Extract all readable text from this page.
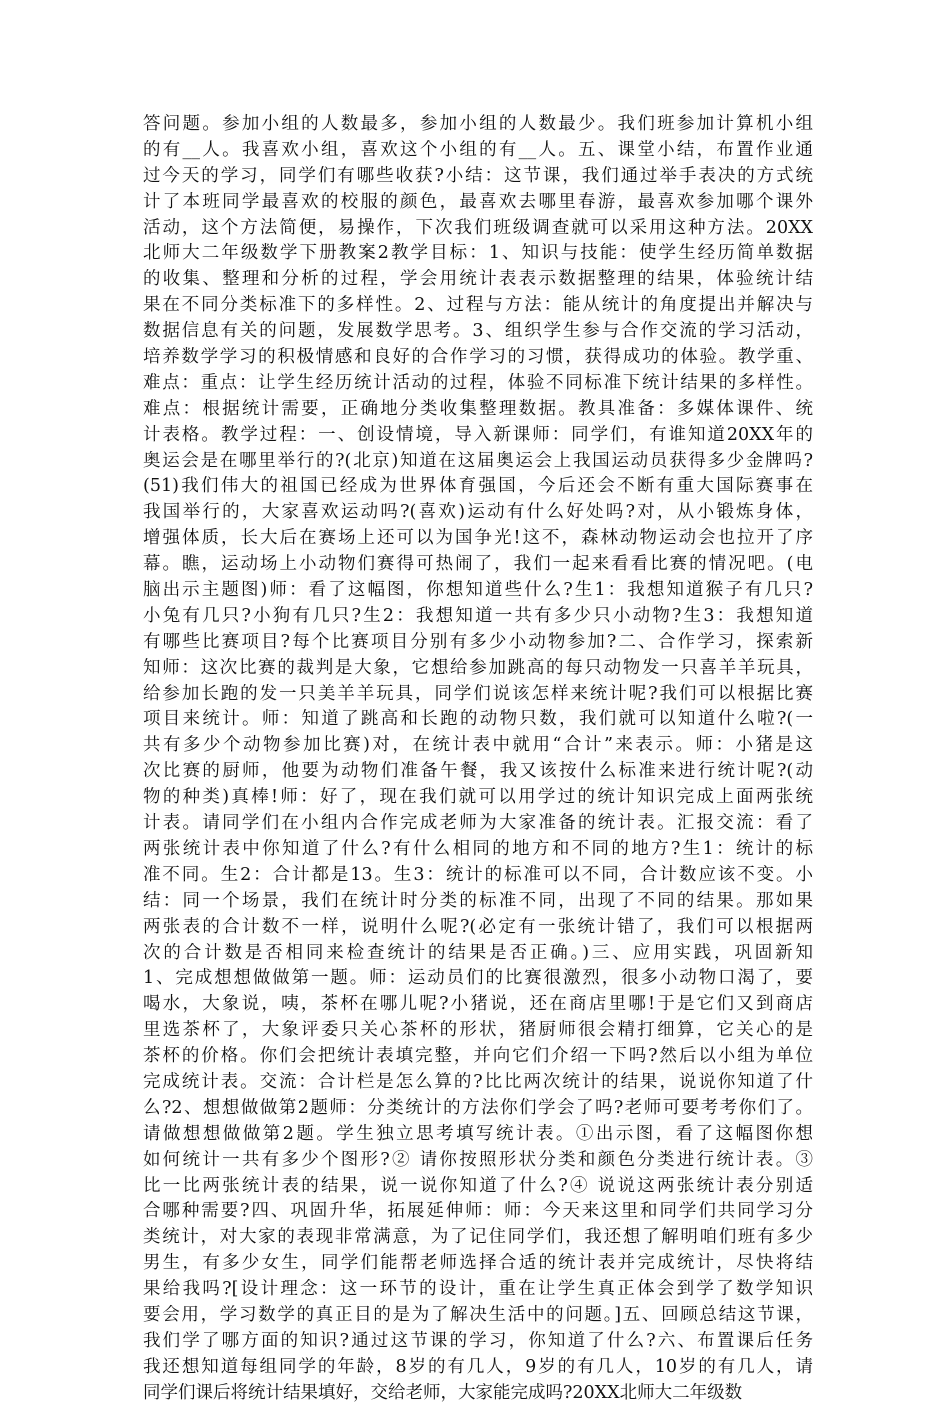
答问题。参加小组的人数最多，参加小组的人数最少。我们班参加计算机小组
的有__人。我喜欢小组，喜欢这个小组的有__人。五、课堂小结，布置作业通
过今天的学习，同学们有哪些收获?小结：这节课，我们通过举手表决的方式统
计了本班同学最喜欢的校服的颜色，最喜欢去哪里春游，最喜欢参加哪个课外
活动，这个方法简便，易操作，下次我们班级调查就可以采用这种方法。20XX
北师大二年级数学下册教案2教学目标：1、知识与技能：使学生经历简单数据
的收集、整理和分析的过程，学会用统计表表示数据整理的结果，体验统计结
果在不同分类标准下的多样性。2、过程与方法：能从统计的角度提出并解决与
数据信息有关的问题，发展数学思考。3、组织学生参与合作交流的学习活动，
培养数学学习的积极情感和良好的合作学习的习惯，获得成功的体验。教学重、
难点：重点：让学生经历统计活动的过程，体验不同标准下统计结果的多样性。
难点：根据统计需要，正确地分类收集整理数据。教具准备：多媒体课件、统
计表格。教学过程：一、创设情境，导入新课师：同学们，有谁知道20XX年的
奥运会是在哪里举行的?(北京)知道在这届奥运会上我国运动员获得多少金牌吗?
(51)我们伟大的祖国已经成为世界体育强国，今后还会不断有重大国际赛事在
我国举行的，大家喜欢运动吗?(喜欢)运动有什么好处吗?对，从小锻炼身体，
增强体质，长大后在赛场上还可以为国争光!这不，森林动物运动会也拉开了序
幕。瞧，运动场上小动物们赛得可热闹了，我们一起来看看比赛的情况吧。(电
脑出示主题图)师：看了这幅图，你想知道些什么?生1：我想知道猴子有几只?
小兔有几只?小狗有几只?生2：我想知道一共有多少只小动物?生3：我想知道
有哪些比赛项目?每个比赛项目分别有多少小动物参加?二、合作学习，探索新
知师：这次比赛的裁判是大象，它想给参加跳高的每只动物发一只喜羊羊玩具，
给参加长跑的发一只美羊羊玩具，同学们说该怎样来统计呢?我们可以根据比赛
项目来统计。师：知道了跳高和长跑的动物只数，我们就可以知道什么啦?(一
共有多少个动物参加比赛)对，在统计表中就用“合计”来表示。师：小猪是这
次比赛的厨师，他要为动物们准备午餐，我又该按什么标准来进行统计呢?(动
物的种类)真棒!师：好了，现在我们就可以用学过的统计知识完成上面两张统
计表。请同学们在小组内合作完成老师为大家准备的统计表。汇报交流：看了
两张统计表中你知道了什么?有什么相同的地方和不同的地方?生1：统计的标
准不同。生2：合计都是13。生3：统计的标准可以不同，合计数应该不变。小
结：同一个场景，我们在统计时分类的标准不同，出现了不同的结果。那如果
两张表的合计数不一样，说明什么呢?(必定有一张统计错了，我们可以根据两
次的合计数是否相同来检查统计的结果是否正确。)三、应用实践，巩固新知
1、完成想想做做第一题。师：运动员们的比赛很激烈，很多小动物口渴了，要
喝水，大象说，咦，茶杯在哪儿呢?小猪说，还在商店里哪!于是它们又到商店
里选茶杯了，大象评委只关心茶杯的形状，猪厨师很会精打细算，它关心的是
茶杯的价格。你们会把统计表填完整，并向它们介绍一下吗?然后以小组为单位
完成统计表。交流：合计栏是怎么算的?比比两次统计的结果，说说你知道了什
么?2、想想做做第2题师：分类统计的方法你们学会了吗?老师可要考考你们了。
请做想想做做第2题。学生独立思考填写统计表。①出示图，看了这幅图你想
如何统计一共有多少个图形?② 请你按照形状分类和颜色分类进行统计表。③
比一比两张统计表的结果，说一说你知道了什么?④ 说说这两张统计表分别适
合哪种需要?四、巩固升华，拓展延伸师：师：今天来这里和同学们共同学习分
类统计，对大家的表现非常满意，为了记住同学们，我还想了解明咱们班有多少
男生，有多少女生，同学们能帮老师选择合适的统计表并完成统计，尽快将结
果给我吗?[设计理念：这一环节的设计，重在让学生真正体会到学了数学知识
要会用，学习数学的真正目的是为了解决生活中的问题。]五、回顾总结这节课，
我们学了哪方面的知识?通过这节课的学习，你知道了什么?六、布置课后任务
我还想知道每组同学的年龄，8岁的有几人，9岁的有几人，10岁的有几人，请
同学们课后将统计结果填好，交给老师，大家能完成吗?20XX北师大二年级数
